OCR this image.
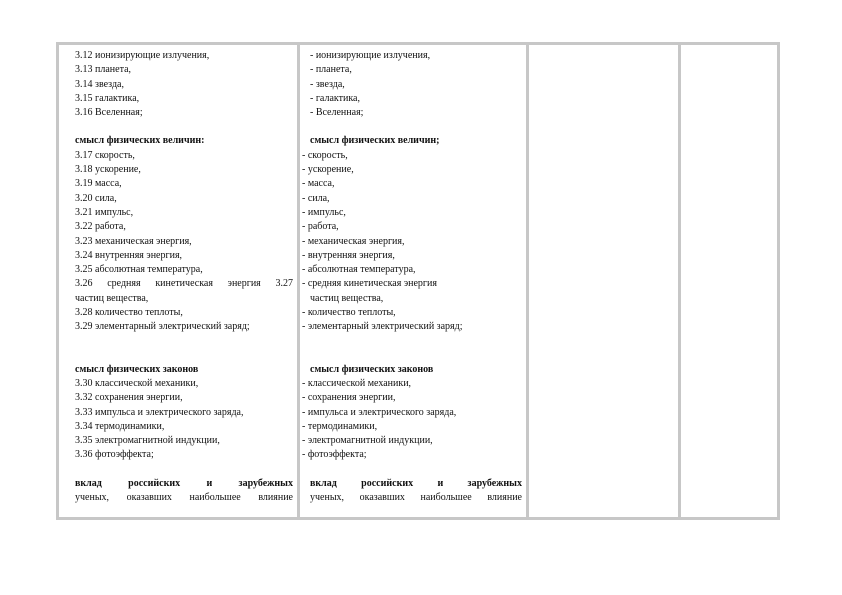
3.12 ионизирующие излучения,
3.13 планета,
3.14 звезда,
3.15 галактика,
3.16 Вселенная;
смысл физических величин:
3.17 скорость,
3.18 ускорение,
3.19 масса,
3.20 сила,
3.21 импульс,
3.22 работа,
3.23 механическая энергия,
3.24 внутренняя энергия,
3.25 абсолютная температура,
3.26 средняя кинетическая энергия 3.27
частиц вещества,
3.28 количество теплоты,
3.29 элементарный электрический заряд;
смысл физических законов
3.30 классической механики,
3.32 сохранения энергии,
3.33 импульса и электрического заряда,
3.34 термодинамики,
3.35 электромагнитной индукции,
3.36 фотоэффекта;
вклад российских и зарубежных
ученых, оказавших наибольшее влияние
- ионизирующие излучения,
- планета,
- звезда,
- галактика,
- Вселенная;
смысл физических величин;
- скорость,
- ускорение,
- масса,
- сила,
- импульс,
- работа,
- механическая энергия,
- внутренняя энергия,
- абсолютная температура,
- средняя кинетическая энергия
частиц вещества,
- количество теплоты,
- элементарный электрический заряд;
смысл физических законов
- классической механики,
- сохранения энергии,
- импульса и электрического заряда,
- термодинамики,
- электромагнитной индукции,
- фотоэффекта;
вклад российских и зарубежных
ученых, оказавших наибольшее влияние
